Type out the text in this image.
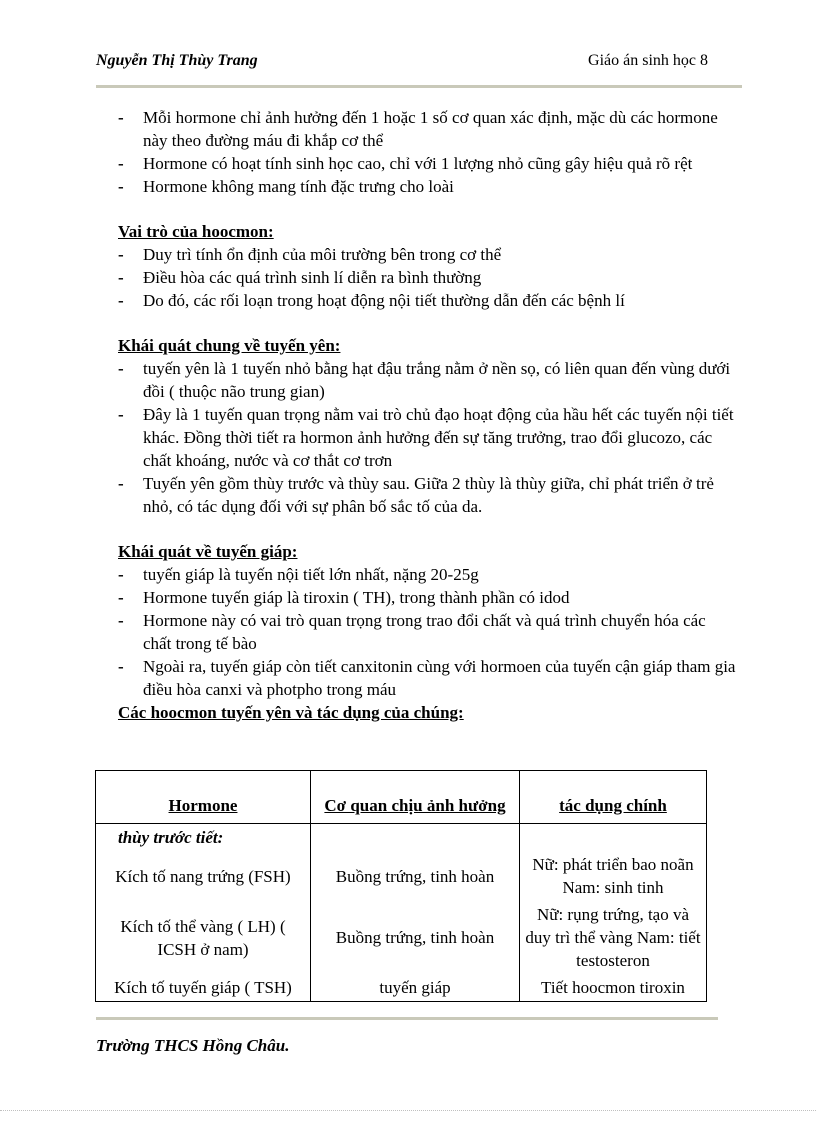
Nguyễn Thị Thùy Trang	Giáo án sinh học 8
- Mỗi hormone chỉ ảnh hưởng đến 1 hoặc 1 số cơ quan xác định, mặc dù các hormone này theo đường máu đi khắp cơ thể
- Hormone có hoạt tính sinh học cao, chỉ với 1 lượng nhỏ cũng gây hiệu quả rõ rệt
- Hormone không mang tính đặc trưng cho loài

Vai trò của hoocmon:

- Duy trì tính ổn định của môi trường bên trong cơ thể
- Điều hòa các quá trình sinh lí diễn ra bình thường
- Do đó, các rối loạn trong hoạt động nội tiết thường dẫn đến các bệnh lí

Khái quát chung về tuyến yên:

- tuyến yên là 1 tuyến nhỏ bằng hạt đậu trắng nằm ở nền sọ, có liên quan đến vùng dưới đồi ( thuộc não trung gian)
- Đây là 1 tuyến quan trọng nằm vai trò chủ đạo hoạt động của hầu hết các tuyến nội tiết khác. Đồng thời tiết ra hormon ảnh hưởng đến sự tăng trưởng, trao đổi glucozo, các chất khoáng, nước và cơ thắt cơ trơn
- Tuyến yên gồm thùy trước và thùy sau. Giữa 2 thùy là thùy giữa, chỉ phát triển ở trẻ nhỏ, có tác dụng đối với sự phân bố sắc tố của da.

Khái quát về tuyến giáp:

- tuyến giáp là tuyến nội tiết lớn nhất, nặng 20-25g
- Hormone tuyến giáp là tiroxin ( TH), trong thành phần có idod
- Hormone này có vai trò quan trọng trong trao đổi chất và quá trình chuyển hóa các chất trong tế bào
- Ngoài ra, tuyến giáp còn tiết canxitonin cùng với hormoen của tuyến cận giáp tham gia điều hòa canxi và photpho trong máu

Các hoocmon tuyến yên và tác dụng của chúng:

Hormone	Cơ quan chịu ảnh hưởng	tác dụng chính
thùy trước tiết:		
Kích tố nang trứng (FSH)	Buồng trứng, tinh hoàn	Nữ: phát triển bao noãn Nam: sinh tinh
Kích tố thể vàng ( LH) ( ICSH ở nam)	Buồng trứng, tinh hoàn	Nữ: rụng trứng, tạo và duy trì thể vàng Nam: tiết testosteron
Kích tố tuyến giáp ( TSH)	tuyến giáp	Tiết hoocmon tiroxin
Trường THCS Hồng Châu.
